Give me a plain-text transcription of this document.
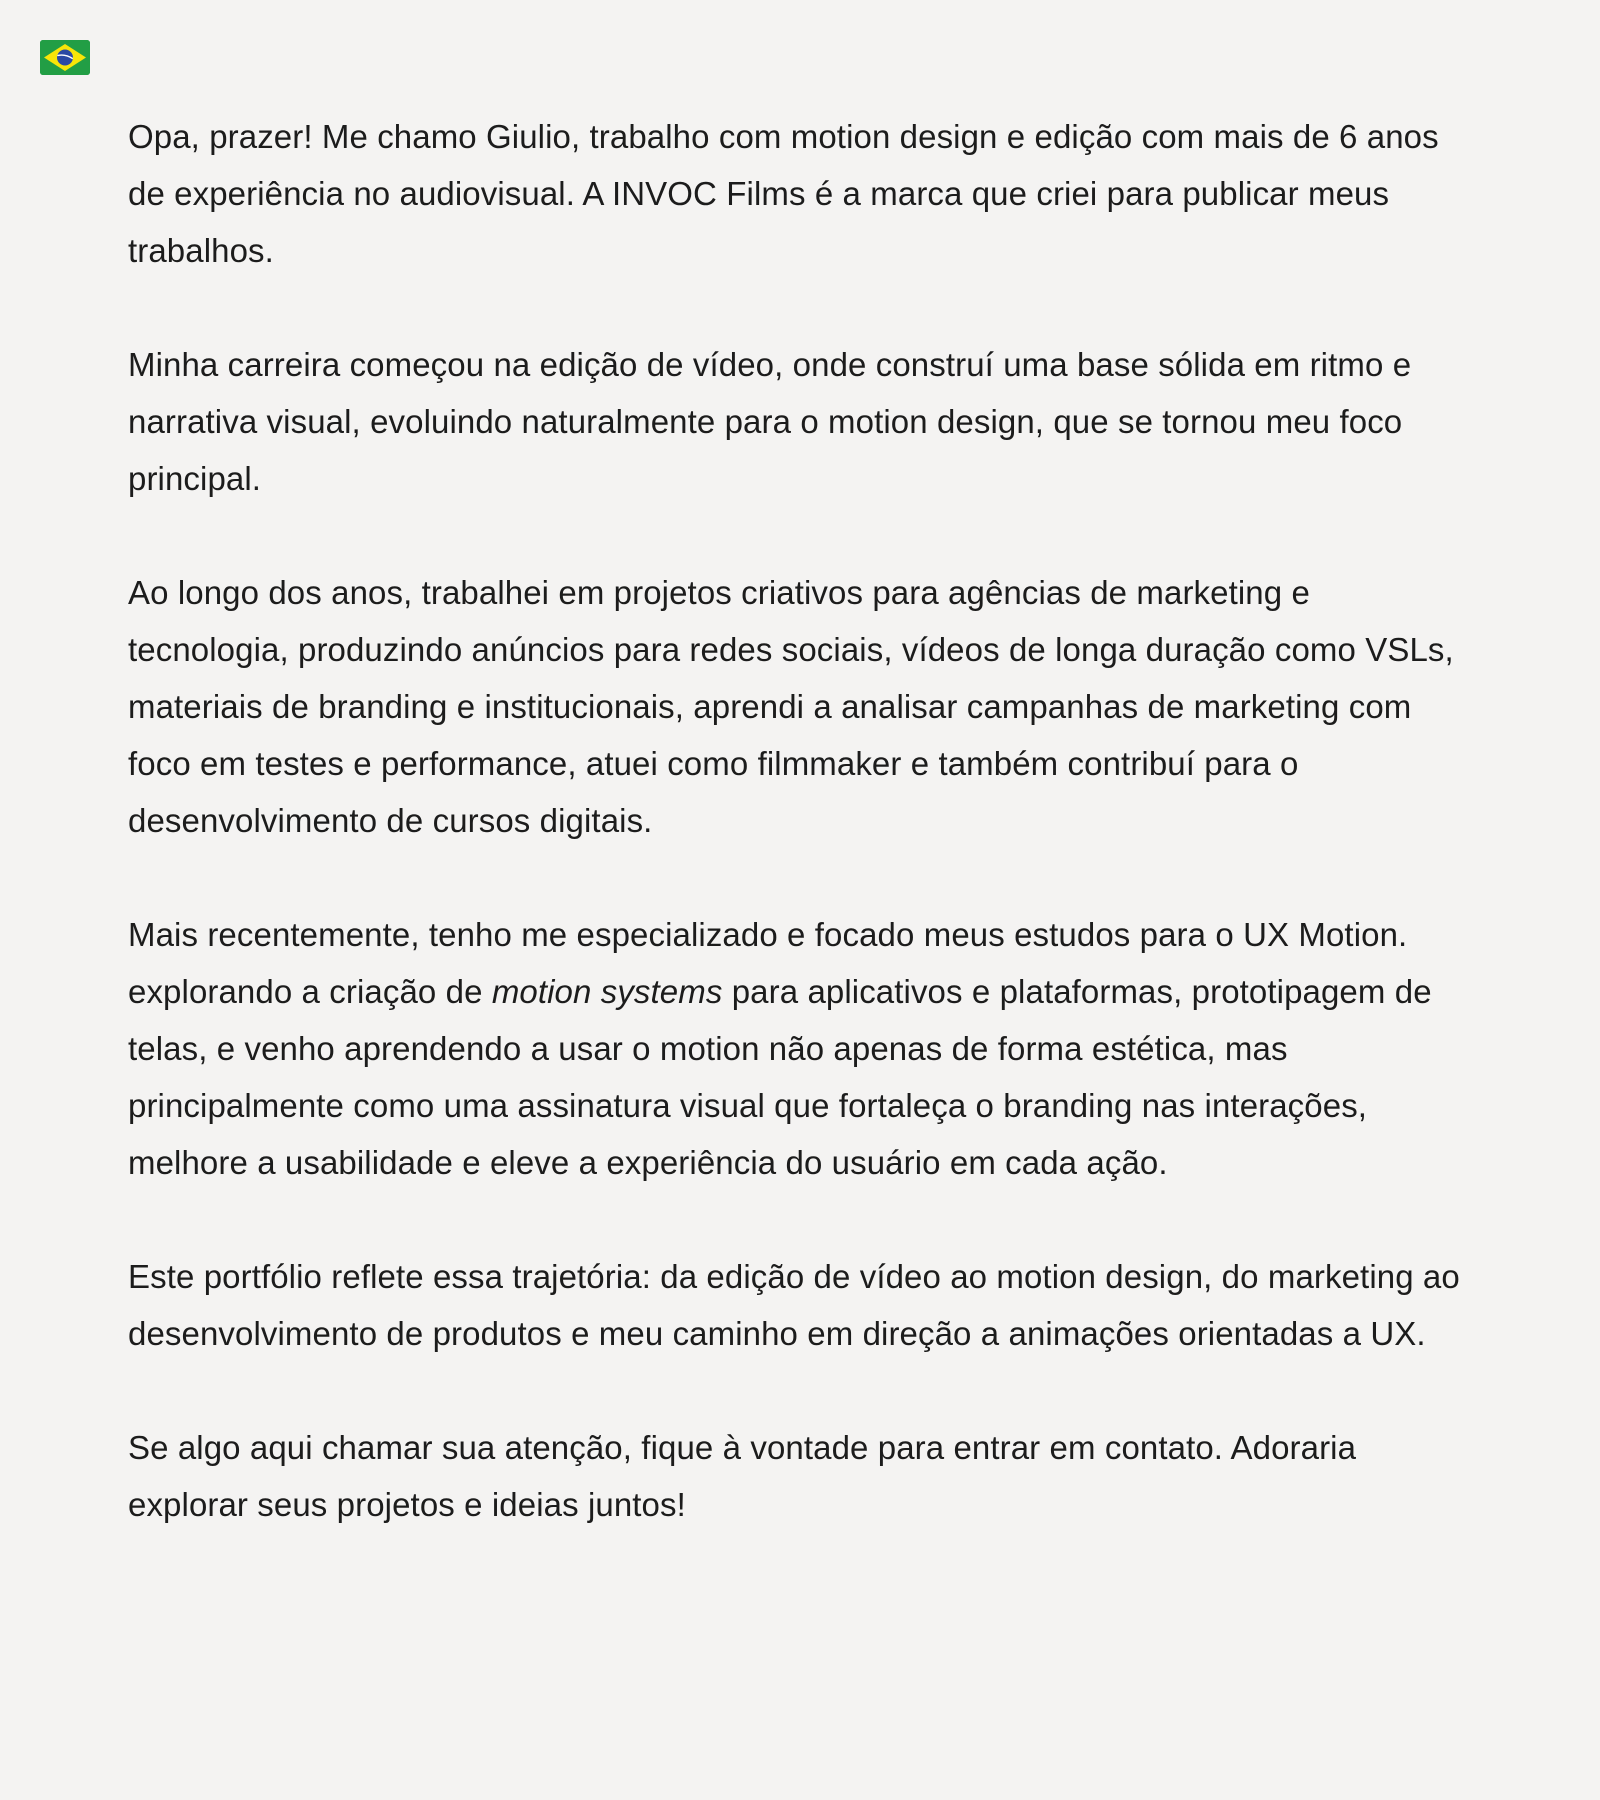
Opa, prazer! Me chamo Giulio, trabalho com motion design e edição com mais de 6 anos de experiência no audiovisual. A INVOC Films é a marca que criei para publicar meus trabalhos.

Minha carreira começou na edição de vídeo, onde construí uma base sólida em ritmo e narrativa visual, evoluindo naturalmente para o motion design, que se tornou meu foco principal.

Ao longo dos anos, trabalhei em projetos criativos para agências de marketing e tecnologia, produzindo anúncios para redes sociais, vídeos de longa duração como VSLs, materiais de branding e institucionais, aprendi a analisar campanhas de marketing com foco em testes e performance, atuei como filmmaker e também contribuí para o desenvolvimento de cursos digitais.

Mais recentemente, tenho me especializado e focado meus estudos para o UX Motion. explorando a criação de motion systems para aplicativos e plataformas, prototipagem de telas, e venho aprendendo a usar o motion não apenas de forma estética, mas principalmente como uma assinatura visual que fortaleça o branding nas interações, melhore a usabilidade e eleve a experiência do usuário em cada ação.

Este portfólio reflete essa trajetória: da edição de vídeo ao motion design, do marketing ao desenvolvimento de produtos e meu caminho em direção a animações orientadas a UX.

Se algo aqui chamar sua atenção, fique à vontade para entrar em contato. Adoraria explorar seus projetos e ideias juntos!
